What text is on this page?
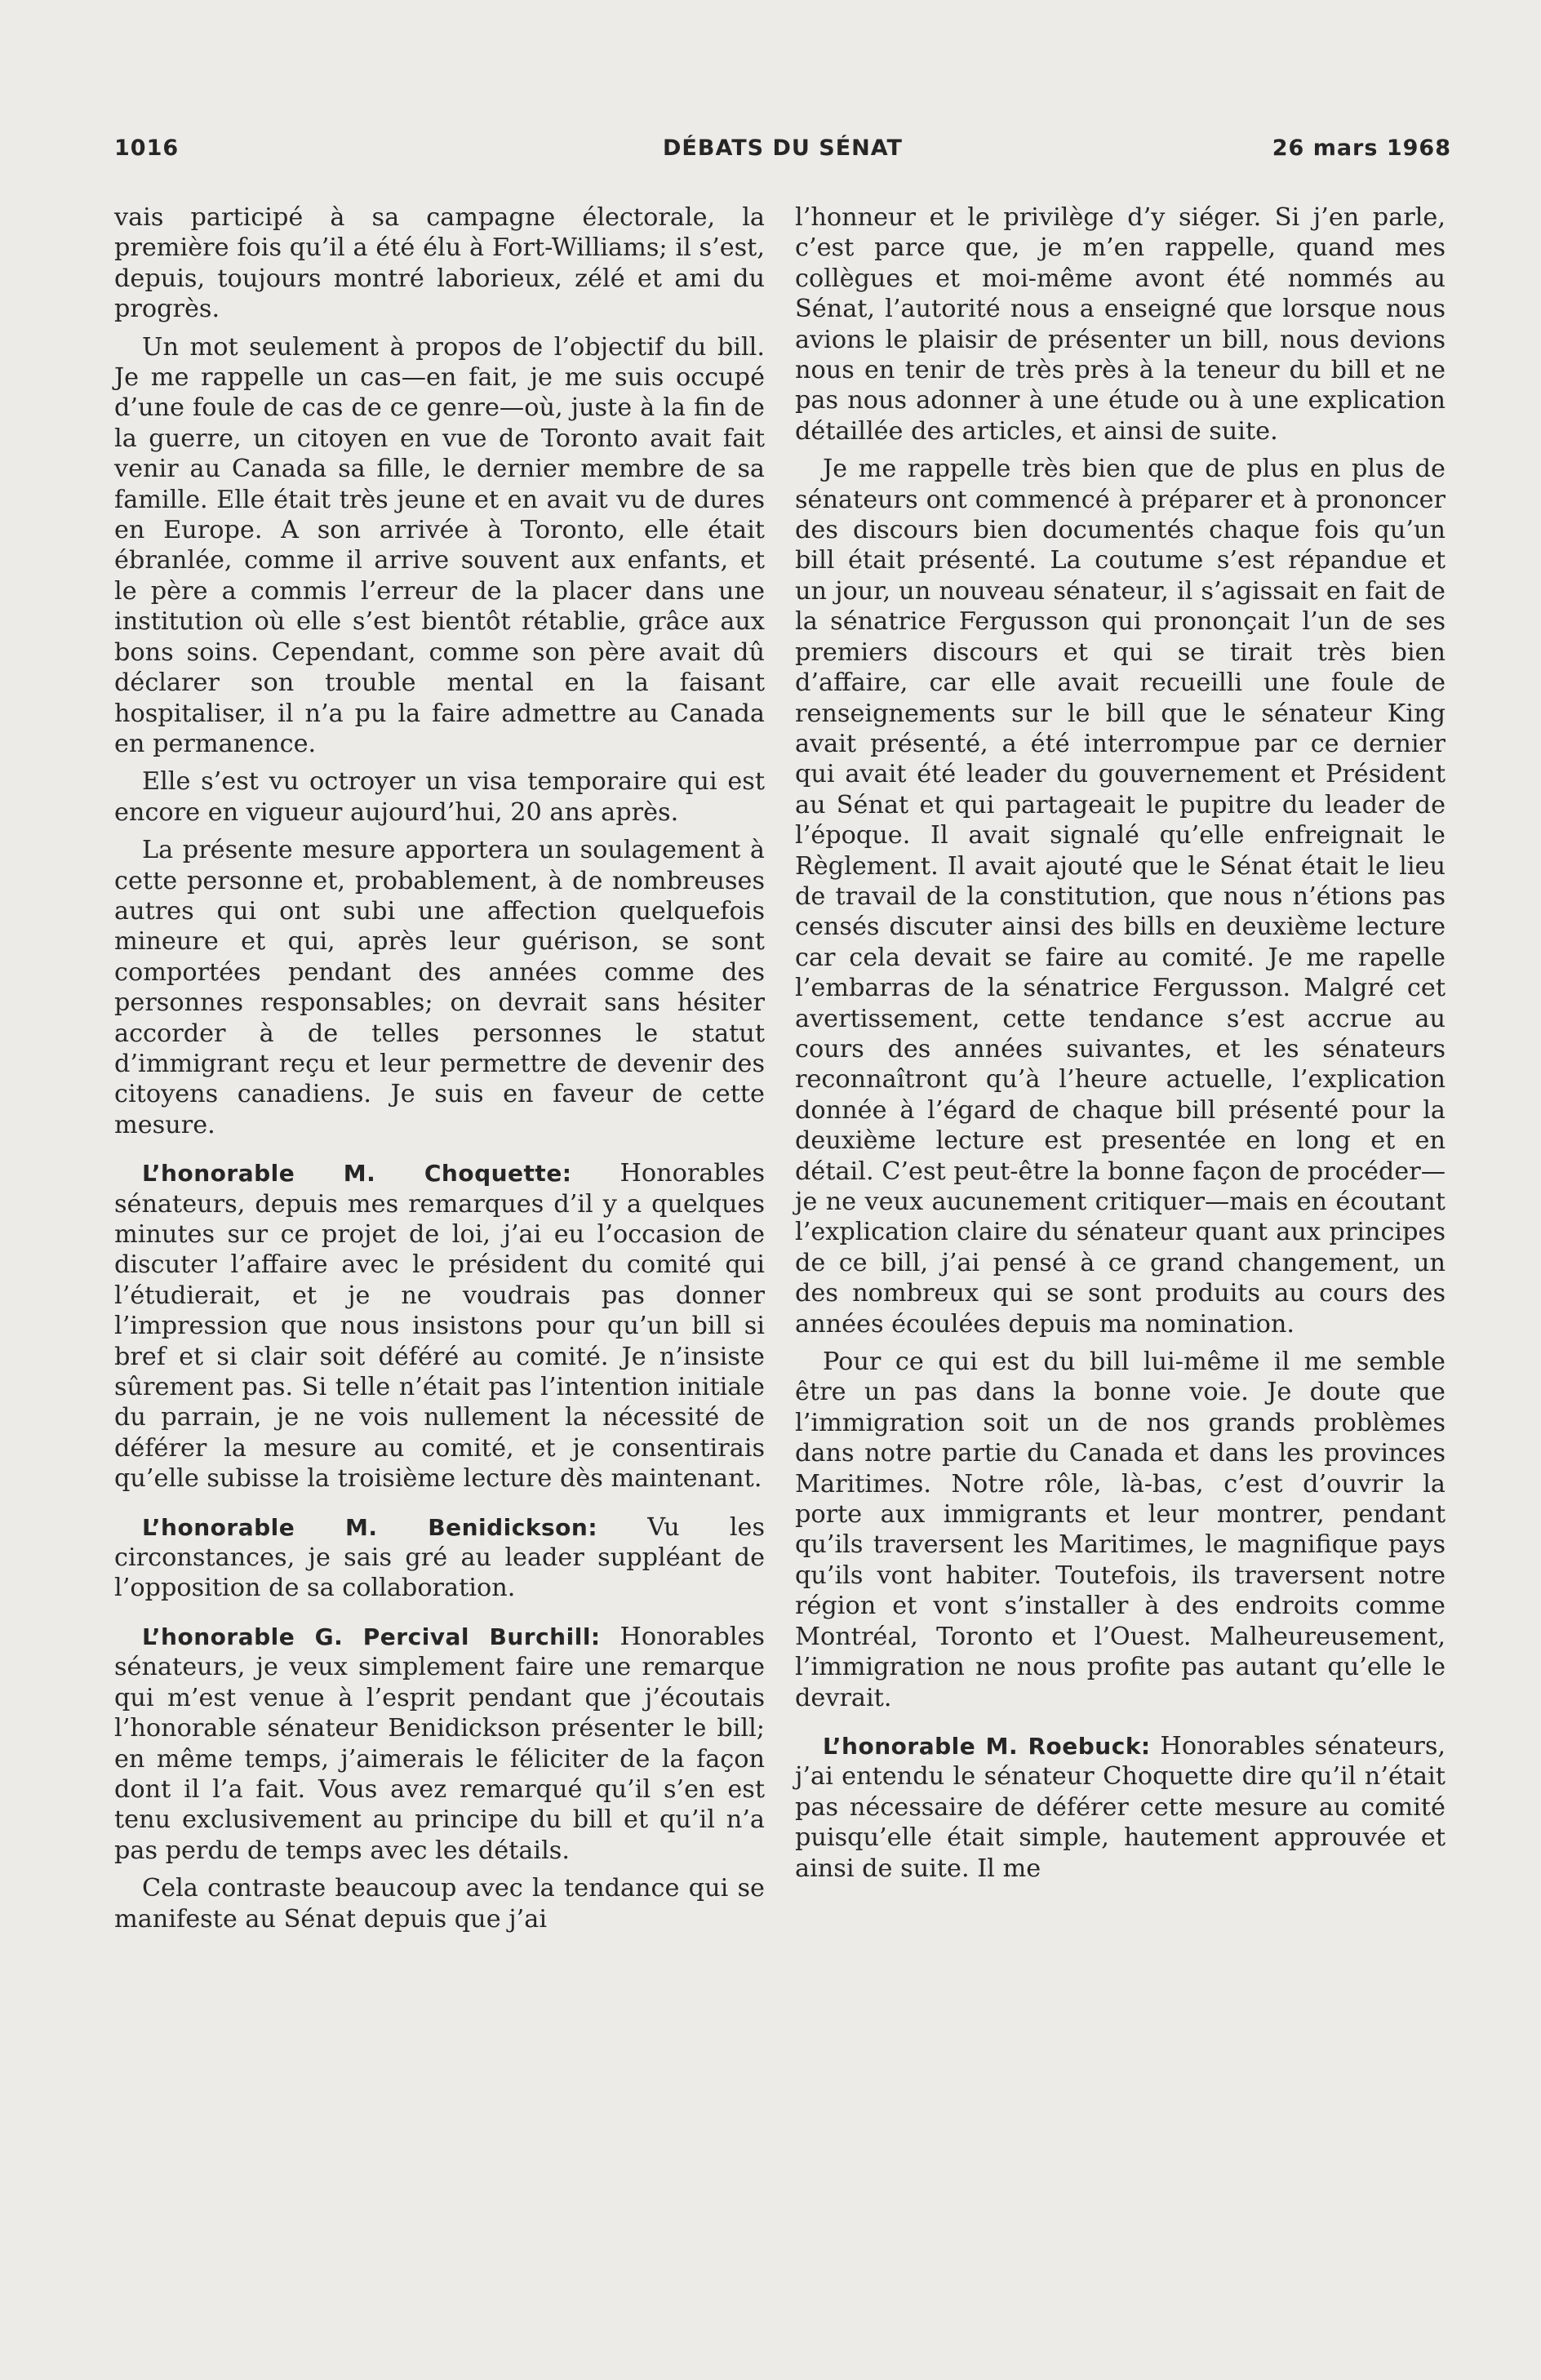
1016	DÉBATS DU SÉNAT	26 mars 1968

vais participé à sa campagne électorale, la première fois qu’il a été élu à Fort-Williams; il s’est, depuis, toujours montré laborieux, zélé et ami du progrès.

Un mot seulement à propos de l’objectif du bill. Je me rappelle un cas—en fait, je me suis occupé d’une foule de cas de ce genre—où, juste à la fin de la guerre, un citoyen en vue de Toronto avait fait venir au Canada sa fille, le dernier membre de sa famille. Elle était très jeune et en avait vu de dures en Europe. A son arrivée à Toronto, elle était ébranlée, comme il arrive souvent aux enfants, et le père a commis l’erreur de la placer dans une institution où elle s’est bientôt rétablie, grâce aux bons soins. Cependant, comme son père avait dû déclarer son trouble mental en la faisant hospitaliser, il n’a pu la faire admettre au Canada en permanence.

Elle s’est vu octroyer un visa temporaire qui est encore en vigueur aujourd’hui, 20 ans après.

La présente mesure apportera un soulagement à cette personne et, probablement, à de nombreuses autres qui ont subi une affection quelquefois mineure et qui, après leur guérison, se sont comportées pendant des années comme des personnes responsables; on devrait sans hésiter accorder à de telles personnes le statut d’immigrant reçu et leur permettre de devenir des citoyens canadiens. Je suis en faveur de cette mesure.

L’honorable M. Choquette: Honorables sénateurs, depuis mes remarques d’il y a quelques minutes sur ce projet de loi, j’ai eu l’occasion de discuter l’affaire avec le président du comité qui l’étudierait, et je ne voudrais pas donner l’impression que nous insistons pour qu’un bill si bref et si clair soit déféré au comité. Je n’insiste sûrement pas. Si telle n’était pas l’intention initiale du parrain, je ne vois nullement la nécessité de déférer la mesure au comité, et je consentirais qu’elle subisse la troisième lecture dès maintenant.

L’honorable M. Benidickson: Vu les circonstances, je sais gré au leader suppléant de l’opposition de sa collaboration.

L’honorable G. Percival Burchill: Honorables sénateurs, je veux simplement faire une remarque qui m’est venue à l’esprit pendant que j’écoutais l’honorable sénateur Benidickson présenter le bill; en même temps, j’aimerais le féliciter de la façon dont il l’a fait. Vous avez remarqué qu’il s’en est tenu exclusivement au principe du bill et qu’il n’a pas perdu de temps avec les détails.

Cela contraste beaucoup avec la tendance qui se manifeste au Sénat depuis que j’ai

l’honneur et le privilège d’y siéger. Si j’en parle, c’est parce que, je m’en rappelle, quand mes collègues et moi-même avont été nommés au Sénat, l’autorité nous a enseigné que lorsque nous avions le plaisir de présenter un bill, nous devions nous en tenir de très près à la teneur du bill et ne pas nous adonner à une étude ou à une explication détaillée des articles, et ainsi de suite.

Je me rappelle très bien que de plus en plus de sénateurs ont commencé à préparer et à prononcer des discours bien documentés chaque fois qu’un bill était présenté. La coutume s’est répandue et un jour, un nouveau sénateur, il s’agissait en fait de la sénatrice Fergusson qui prononçait l’un de ses premiers discours et qui se tirait très bien d’affaire, car elle avait recueilli une foule de renseignements sur le bill que le sénateur King avait présenté, a été interrompue par ce dernier qui avait été leader du gouvernement et Président au Sénat et qui partageait le pupitre du leader de l’époque. Il avait signalé qu’elle enfreignait le Règlement. Il avait ajouté que le Sénat était le lieu de travail de la constitution, que nous n’étions pas censés discuter ainsi des bills en deuxième lecture car cela devait se faire au comité. Je me rapelle l’embarras de la sénatrice Fergusson. Malgré cet avertissement, cette tendance s’est accrue au cours des années suivantes, et les sénateurs reconnaîtront qu’à l’heure actuelle, l’explication donnée à l’égard de chaque bill présenté pour la deuxième lecture est presentée en long et en détail. C’est peut-être la bonne façon de procéder—je ne veux aucunement critiquer—mais en écoutant l’explication claire du sénateur quant aux principes de ce bill, j’ai pensé à ce grand changement, un des nombreux qui se sont produits au cours des années écoulées depuis ma nomination.

Pour ce qui est du bill lui-même il me semble être un pas dans la bonne voie. Je doute que l’immigration soit un de nos grands problèmes dans notre partie du Canada et dans les provinces Maritimes. Notre rôle, là-bas, c’est d’ouvrir la porte aux immigrants et leur montrer, pendant qu’ils traversent les Maritimes, le magnifique pays qu’ils vont habiter. Toutefois, ils traversent notre région et vont s’installer à des endroits comme Montréal, Toronto et l’Ouest. Malheureusement, l’immigration ne nous profite pas autant qu’elle le devrait.

L’honorable M. Roebuck: Honorables sénateurs, j’ai entendu le sénateur Choquette dire qu’il n’était pas nécessaire de déférer cette mesure au comité puisqu’elle était simple, hautement approuvée et ainsi de suite. Il me
